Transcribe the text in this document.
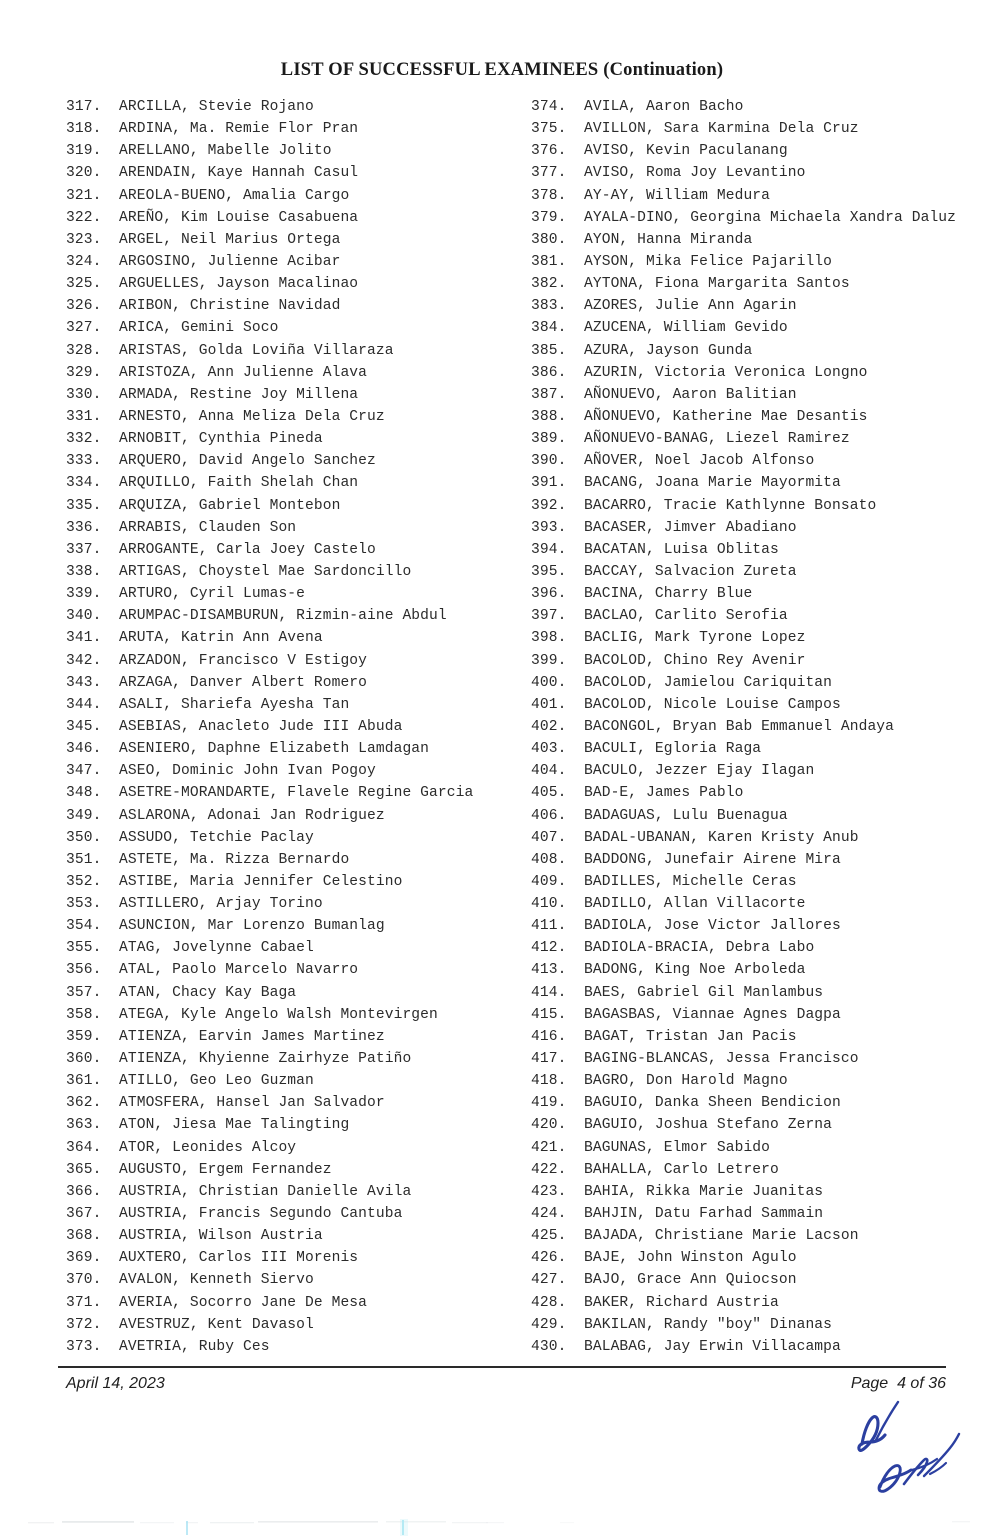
LIST OF SUCCESSFUL EXAMINEES (Continuation)
317. ARCILLA, Stevie Rojano
318. ARDINA, Ma. Remie Flor Pran
319. ARELLANO, Mabelle Jolito
320. ARENDAIN, Kaye Hannah Casul
321. AREOLA-BUENO, Amalia Cargo
322. AREÑO, Kim Louise Casabuena
323. ARGEL, Neil Marius Ortega
324. ARGOSINO, Julienne Acibar
325. ARGUELLES, Jayson Macalinao
326. ARIBON, Christine Navidad
327. ARICA, Gemini Soco
328. ARISTAS, Golda Loviña Villaraza
329. ARISTOZA, Ann Julienne Alava
330. ARMADA, Restine Joy Millena
331. ARNESTO, Anna Meliza Dela Cruz
332. ARNOBIT, Cynthia Pineda
333. ARQUERO, David Angelo Sanchez
334. ARQUILLO, Faith Shelah Chan
335. ARQUIZA, Gabriel Montebon
336. ARRABIS, Clauden Son
337. ARROGANTE, Carla Joey Castelo
338. ARTIGAS, Choystel Mae Sardoncillo
339. ARTURO, Cyril Lumas-e
340. ARUMPAC-DISAMBURUN, Rizmin-aine Abdul
341. ARUTA, Katrin Ann Avena
342. ARZADON, Francisco V Estigoy
343. ARZAGA, Danver Albert Romero
344. ASALI, Shariefa Ayesha Tan
345. ASEBIAS, Anacleto Jude III Abuda
346. ASENIERO, Daphne Elizabeth Lamdagan
347. ASEO, Dominic John Ivan Pogoy
348. ASETRE-MORANDARTE, Flavele Regine Garcia
349. ASLARONA, Adonai Jan Rodriguez
350. ASSUDO, Tetchie Paclay
351. ASTETE, Ma. Rizza Bernardo
352. ASTIBE, Maria Jennifer Celestino
353. ASTILLERO, Arjay Torino
354. ASUNCION, Mar Lorenzo Bumanlag
355. ATAG, Jovelynne Cabael
356. ATAL, Paolo Marcelo Navarro
357. ATAN, Chacy Kay Baga
358. ATEGA, Kyle Angelo Walsh Montevirgen
359. ATIENZA, Earvin James Martinez
360. ATIENZA, Khyienne Zairhyze Patiño
361. ATILLO, Geo Leo Guzman
362. ATMOSFERA, Hansel Jan Salvador
363. ATON, Jiesa Mae Talingting
364. ATOR, Leonides Alcoy
365. AUGUSTO, Ergem Fernandez
366. AUSTRIA, Christian Danielle Avila
367. AUSTRIA, Francis Segundo Cantuba
368. AUSTRIA, Wilson Austria
369. AUXTERO, Carlos III Morenis
370. AVALON, Kenneth Siervo
371. AVERIA, Socorro Jane De Mesa
372. AVESTRUZ, Kent Davasol
373. AVETRIA, Ruby Ces
374. AVILA, Aaron Bacho
375. AVILLON, Sara Karmina Dela Cruz
376. AVISO, Kevin Paculanang
377. AVISO, Roma Joy Levantino
378. AY-AY, William Medura
379. AYALA-DINO, Georgina Michaela Xandra Daluz
380. AYON, Hanna Miranda
381. AYSON, Mika Felice Pajarillo
382. AYTONA, Fiona Margarita Santos
383. AZORES, Julie Ann Agarin
384. AZUCENA, William Gevido
385. AZURA, Jayson Gunda
386. AZURIN, Victoria Veronica Longno
387. AÑONUEVO, Aaron Balitian
388. AÑONUEVO, Katherine Mae Desantis
389. AÑONUEVO-BANAG, Liezel Ramirez
390. AÑOVER, Noel Jacob Alfonso
391. BACANG, Joana Marie Mayormita
392. BACARRO, Tracie Kathlynne Bonsato
393. BACASER, Jimver Abadiano
394. BACATAN, Luisa Oblitas
395. BACCAY, Salvacion Zureta
396. BACINA, Charry Blue
397. BACLAO, Carlito Serofia
398. BACLIG, Mark Tyrone Lopez
399. BACOLOD, Chino Rey Avenir
400. BACOLOD, Jamielou Cariquitan
401. BACOLOD, Nicole Louise Campos
402. BACONGOL, Bryan Bab Emmanuel Andaya
403. BACULI, Egloria Raga
404. BACULO, Jezzer Ejay Ilagan
405. BAD-E, James Pablo
406. BADAGUAS, Lulu Buenagua
407. BADAL-UBANAN, Karen Kristy Anub
408. BADDONG, Junefair Airene Mira
409. BADILLES, Michelle Ceras
410. BADILLO, Allan Villacorte
411. BADIOLA, Jose Victor Jallores
412. BADIOLA-BRACIA, Debra Labo
413. BADONG, King Noe Arboleda
414. BAES, Gabriel Gil Manlambus
415. BAGASBAS, Viannae Agnes Dagpa
416. BAGAT, Tristan Jan Pacis
417. BAGING-BLANCAS, Jessa Francisco
418. BAGRO, Don Harold Magno
419. BAGUIO, Danka Sheen Bendicion
420. BAGUIO, Joshua Stefano Zerna
421. BAGUNAS, Elmor Sabido
422. BAHALLA, Carlo Letrero
423. BAHIA, Rikka Marie Juanitas
424. BAHJIN, Datu Farhad Sammain
425. BAJADA, Christiane Marie Lacson
426. BAJE, John Winston Agulo
427. BAJO, Grace Ann Quiocson
428. BAKER, Richard Austria
429. BAKILAN, Randy "boy" Dinanas
430. BALABAG, Jay Erwin Villacampa
April 14, 2023	Page  4 of 36
